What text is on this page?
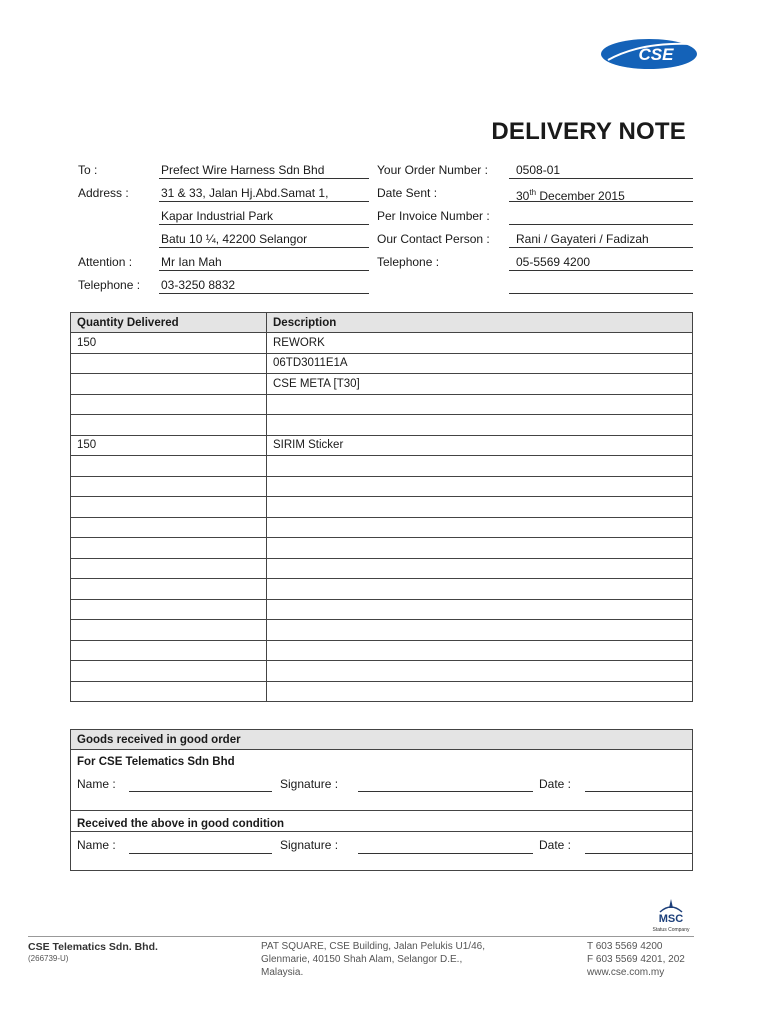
CSE
DELIVERY NOTE
To :	Prefect Wire Harness Sdn Bhd
Address :	31 & 33, Jalan Hj.Abd.Samat 1,
Kapar Industrial Park
Batu 10 ¼, 42200 Selangor
Attention : Mr Ian Mah
Telephone : 03-3250 8832
Your Order Number :	0508-01
Date Sent :	30th December 2015
Per Invoice Number :
Our Contact Person :	Rani / Gayateri / Fadizah
Telephone :	05-5569 4200
Quantity Delivered	Description
150	REWORK
	06TD3011E1A
	CSE META [T30]

150	SIRIM Sticker

Goods received in good order
For CSE Telematics Sdn Bhd
Name :	Signature :	Date :
Received the above in good condition
Name :	Signature :	Date :
MSC
Status Company
CSE Telematics Sdn. Bhd.
(266739-U)
PAT SQUARE, CSE Building, Jalan Pelukis U1/46,
Glenmarie, 40150 Shah Alam, Selangor D.E.,
Malaysia.
T 603 5569 4200
F 603 5569 4201, 202
www.cse.com.my
